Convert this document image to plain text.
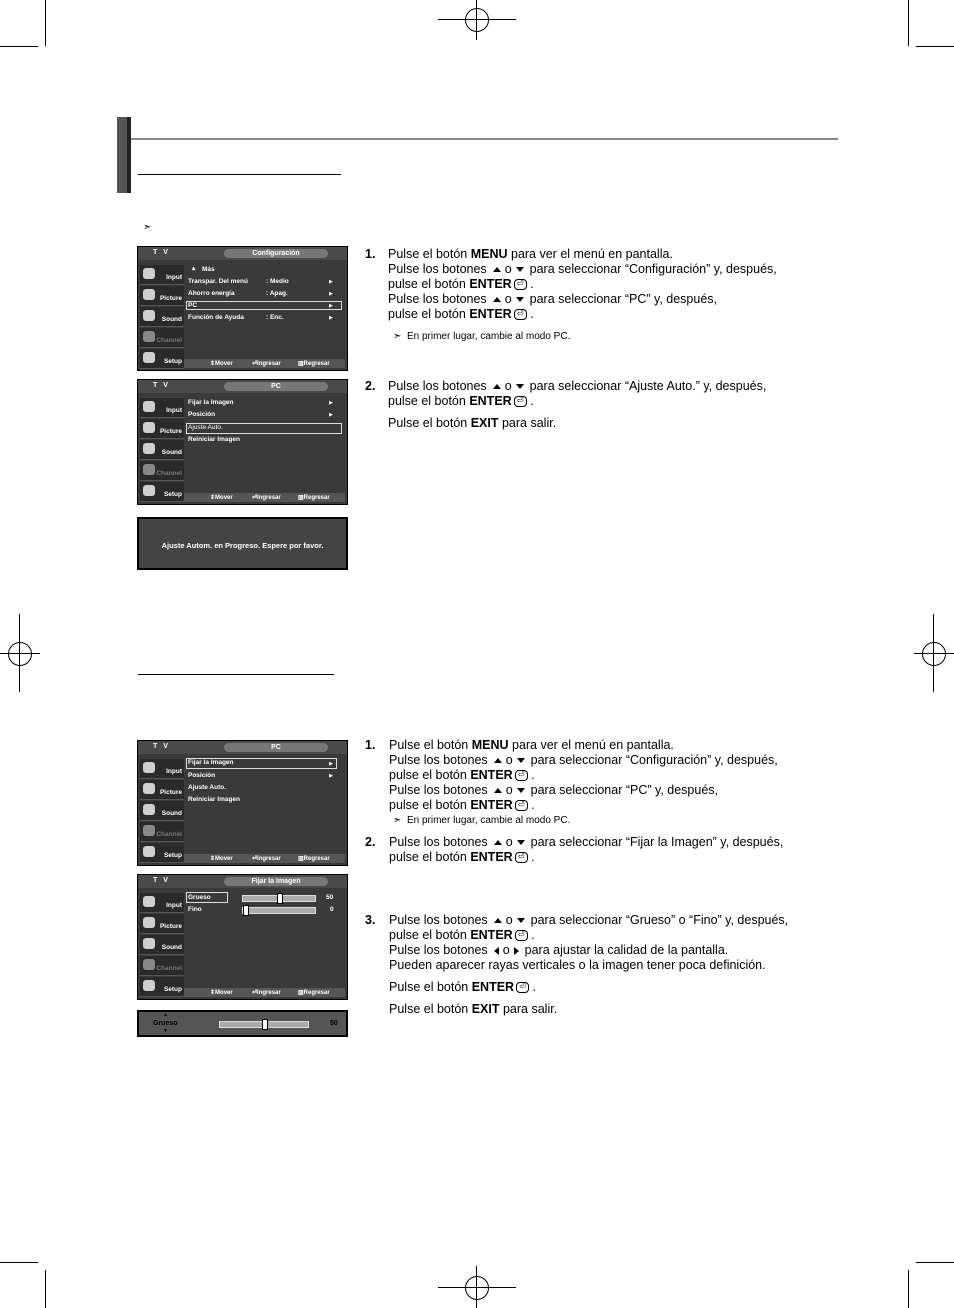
➣
T V	Configuración
Input
Picture
Sound
Channel
Setup
▴ Más
Transpar. Del menú	: Medio	▶
Ahorro energía	: Apag.	▶
PC	▶
Función de Ayuda	: Enc.	▶
⇕ Mover	⏎ Ingresar	▥ Regresar
T V	PC
Input
Picture
Sound
Channel
Setup
Fijar la Imagen	▶
Posición	▶
Ajuste Auto.
Reiniciar Imagen
⇕ Mover	⏎ Ingresar	▥ Regresar
Ajuste Autom. en Progreso. Espere por favor.
T V	PC
Input
Picture
Sound
Channel
Setup
Fijar la Imagen	▶
Posición	▶
Ajuste Auto.
Reiniciar Imagen
⇕ Mover	⏎ Ingresar	▥ Regresar
T V	Fijar la Imagen
Input
Picture
Sound
Channel
Setup
Grueso	50
Fino	0
⇕ Mover	⏎ Ingresar	▥ Regresar
▲
Grueso
▼
50
1. Pulse el botón MENU para ver el menú en pantalla.
Pulse los botones o para seleccionar “Configuración” y, después,
pulse el botón ENTER ⏎ .
Pulse los botones o para seleccionar “PC” y, después,
pulse el botón ENTER ⏎ .
➣ En primer lugar, cambie al modo PC.
2. Pulse los botones o para seleccionar “Ajuste Auto.” y, después,
pulse el botón ENTER ⏎ .
Pulse el botón EXIT para salir.
1. Pulse el botón MENU para ver el menú en pantalla.
Pulse los botones o para seleccionar “Configuración” y, después,
pulse el botón ENTER ⏎ .
Pulse los botones o para seleccionar “PC” y, después,
pulse el botón ENTER ⏎ .
➣ En primer lugar, cambie al modo PC.
2. Pulse los botones o para seleccionar “Fijar la Imagen” y, después,
pulse el botón ENTER ⏎ .
3. Pulse los botones o para seleccionar “Grueso” o “Fino” y, después,
pulse el botón ENTER ⏎ .
Pulse los botones o para ajustar la calidad de la pantalla.
Pueden aparecer rayas verticales o la imagen tener poca definición.
Pulse el botón ENTER ⏎ .
Pulse el botón EXIT para salir.
